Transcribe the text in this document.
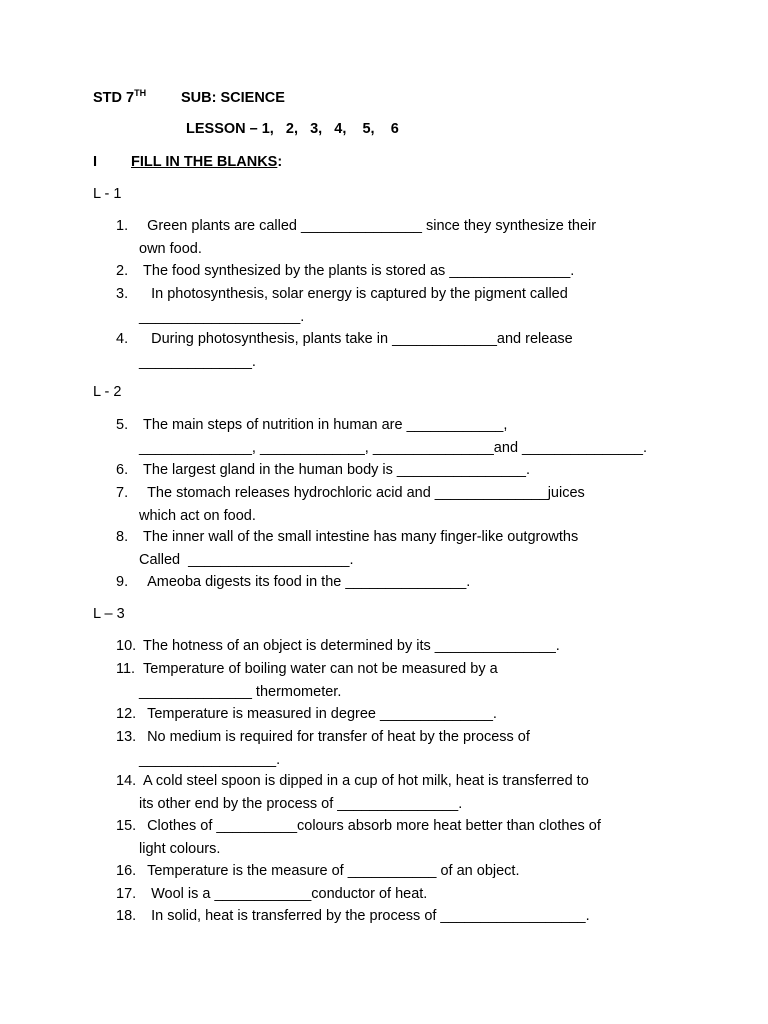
STD 7TH SUB: SCIENCE
LESSON – 1,   2,   3,   4,    5,    6
I FILL IN THE BLANKS:
L - 1
1.	Green plants are called _______________ since they synthesize their
own food.
2. The food synthesized by the plants is stored as _______________.
3.	In photosynthesis, solar energy is captured by the pigment called
____________________.
4.	During photosynthesis, plants take in _____________and release
______________.
L - 2
5. The main steps of nutrition in human are ____________,
______________, _____________, _______________and _______________.
6. The largest gland in the human body is ________________.
7.	The stomach releases hydrochloric acid and ______________juices
which act on food.
8. The inner wall of the small intestine has many finger-like outgrowths
Called  ____________________.
9. Ameoba digests its food in the _______________.
L – 3
10. The hotness of an object is determined by its _______________.
11. Temperature of boiling water can not be measured by a
______________ thermometer.
12. Temperature is measured in degree ______________.
13. No medium is required for transfer of heat by the process of
_________________.
14. A cold steel spoon is dipped in a cup of hot milk, heat is transferred to
its other end by the process of _______________.
15. Clothes of __________colours absorb more heat better than clothes of
light colours.
16. Temperature is the measure of ___________ of an object.
17. Wool is a ____________conductor of heat.
18. In solid, heat is transferred by the process of __________________.
